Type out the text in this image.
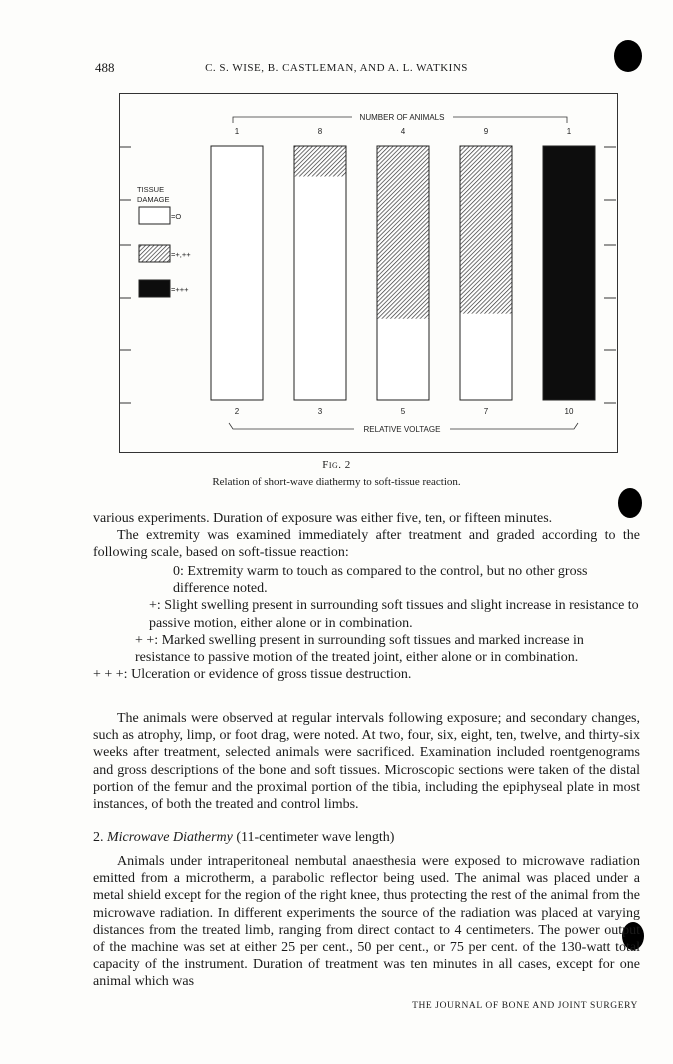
488	C. S. WISE, B. CASTLEMAN, AND A. L. WATKINS
NUMBER OF ANIMALS
RELATIVE VOLTAGE
TISSUE
DAMAGE
=O
=+,++
=+++
1
2
8
3
4
5
9
7
1
10
Fig. 2
Relation of short-wave diathermy to soft-tissue reaction.

various experiments. Duration of exposure was either five, ten, or fifteen minutes.

The extremity was examined immediately after treatment and graded according to the following scale, based on soft-tissue reaction:

0: Extremity warm to touch as compared to the control, but no other gross difference noted.
+: Slight swelling present in surrounding soft tissues and slight increase in resistance to passive motion, either alone or in combination.
+ +: Marked swelling present in surrounding soft tissues and marked increase in resistance to passive motion of the treated joint, either alone or in combination.
+ + +: Ulceration or evidence of gross tissue destruction.

The animals were observed at regular intervals following exposure; and secondary changes, such as atrophy, limp, or foot drag, were noted. At two, four, six, eight, ten, twelve, and thirty-six weeks after treatment, selected animals were sacrificed. Examination included roentgenograms and gross descriptions of the bone and soft tissues. Microscopic sections were taken of the distal portion of the femur and the proximal portion of the tibia, including the epiphyseal plate in most instances, of both the treated and control limbs.

2. Microwave Diathermy (11-centimeter wave length)

Animals under intraperitoneal nembutal anaesthesia were exposed to microwave radiation emitted from a microtherm, a parabolic reflector being used. The animal was placed under a metal shield except for the region of the right knee, thus protecting the rest of the animal from the microwave radiation. In different experiments the source of the radiation was placed at varying distances from the treated limb, ranging from direct contact to 4 centimeters. The power output of the machine was set at either 25 per cent., 50 per cent., or 75 per cent. of the 130-watt total capacity of the instrument. Duration of treatment was ten minutes in all cases, except for one animal which was

THE JOURNAL OF BONE AND JOINT SURGERY
